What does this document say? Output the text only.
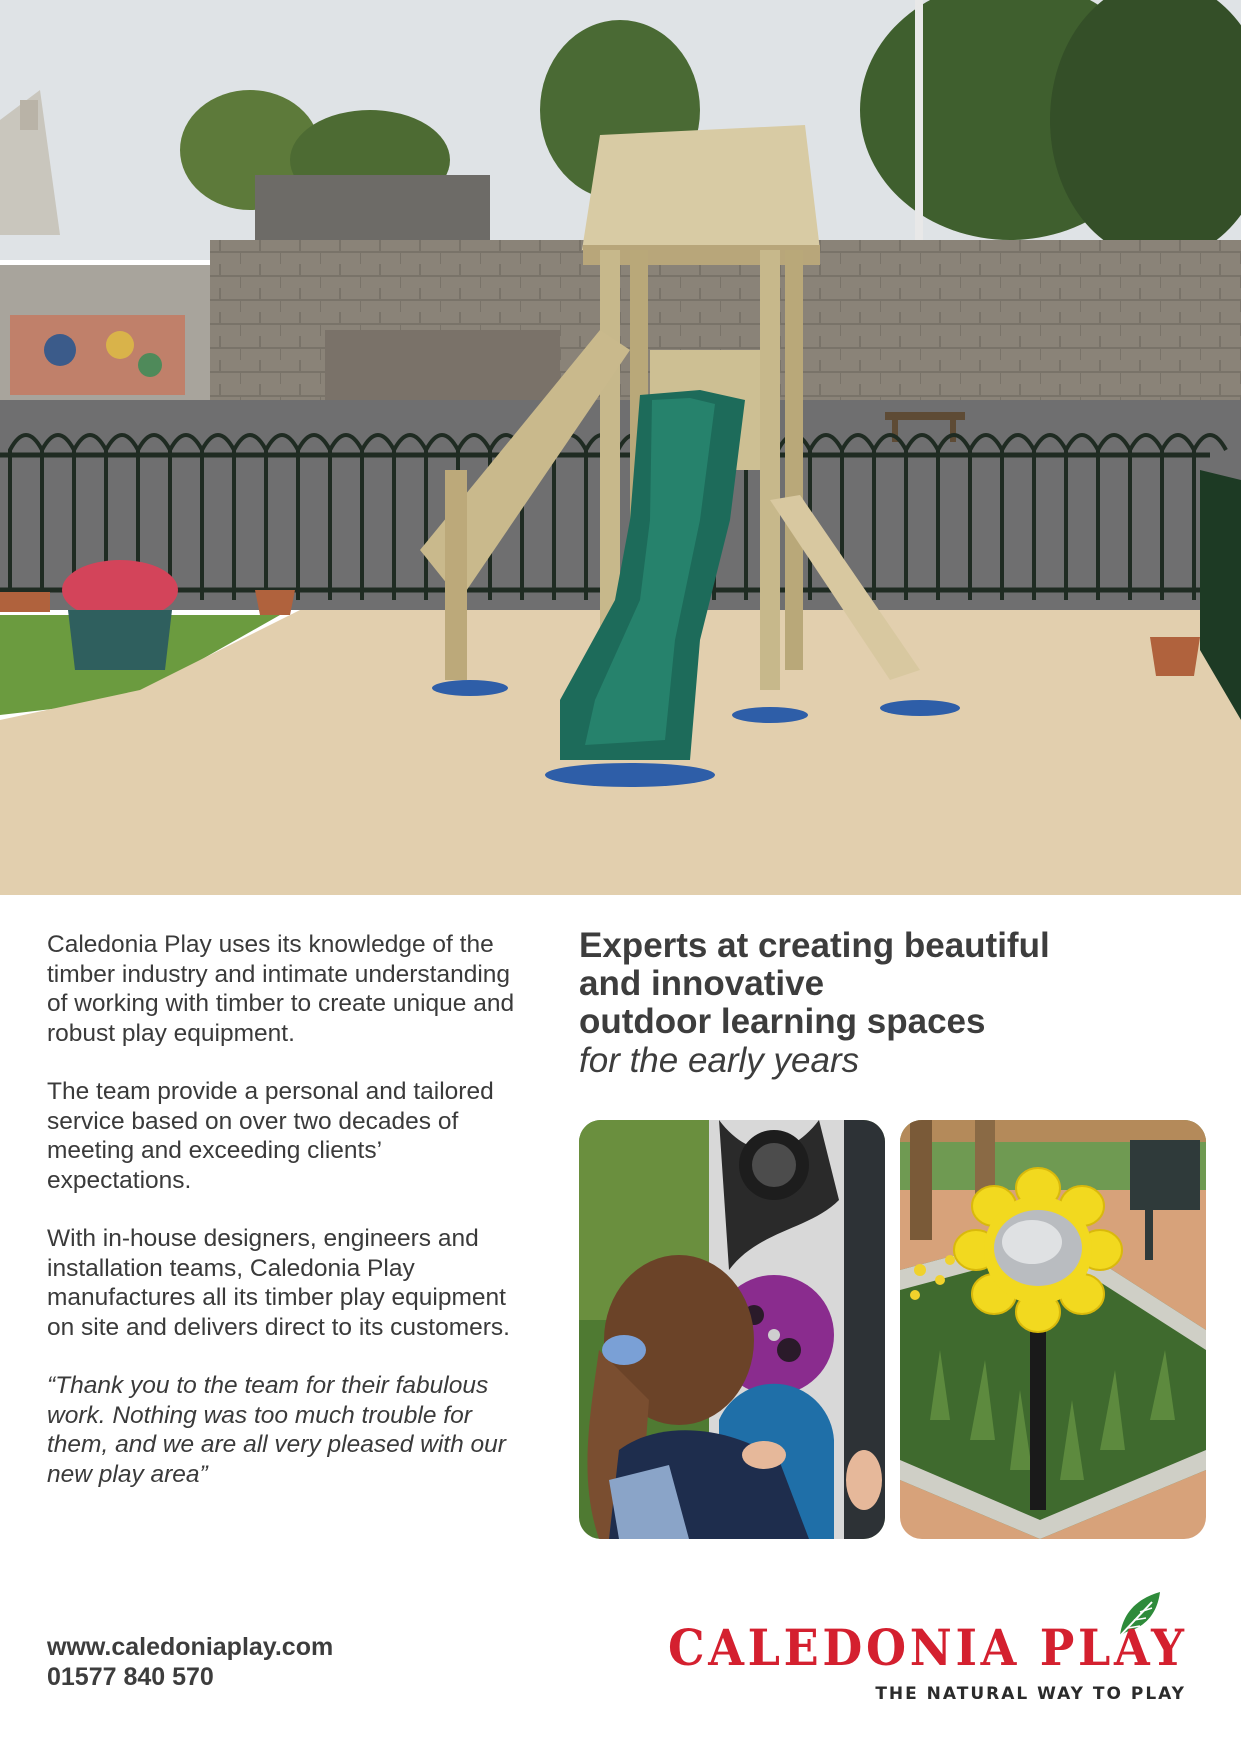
Caledonia Play uses its knowledge of the timber industry and intimate understanding of working with timber to create unique and robust play equipment.

The team provide a personal and tailored service based on over two decades of meeting and exceeding clients’ expectations.

With in-house designers, engineers and installation teams, Caledonia Play manufactures all its timber play equipment on site and delivers direct to its customers.

“Thank you to the team for their fabulous work. Nothing was too much trouble for them, and we are all very pleased with our new play area”

Experts at creating beautiful
and innovative
outdoor learning spaces
for the early years
www.caledoniaplay.com
01577 840 570	CALEDONIA PLAY
THE NATURAL WAY TO PLAY
